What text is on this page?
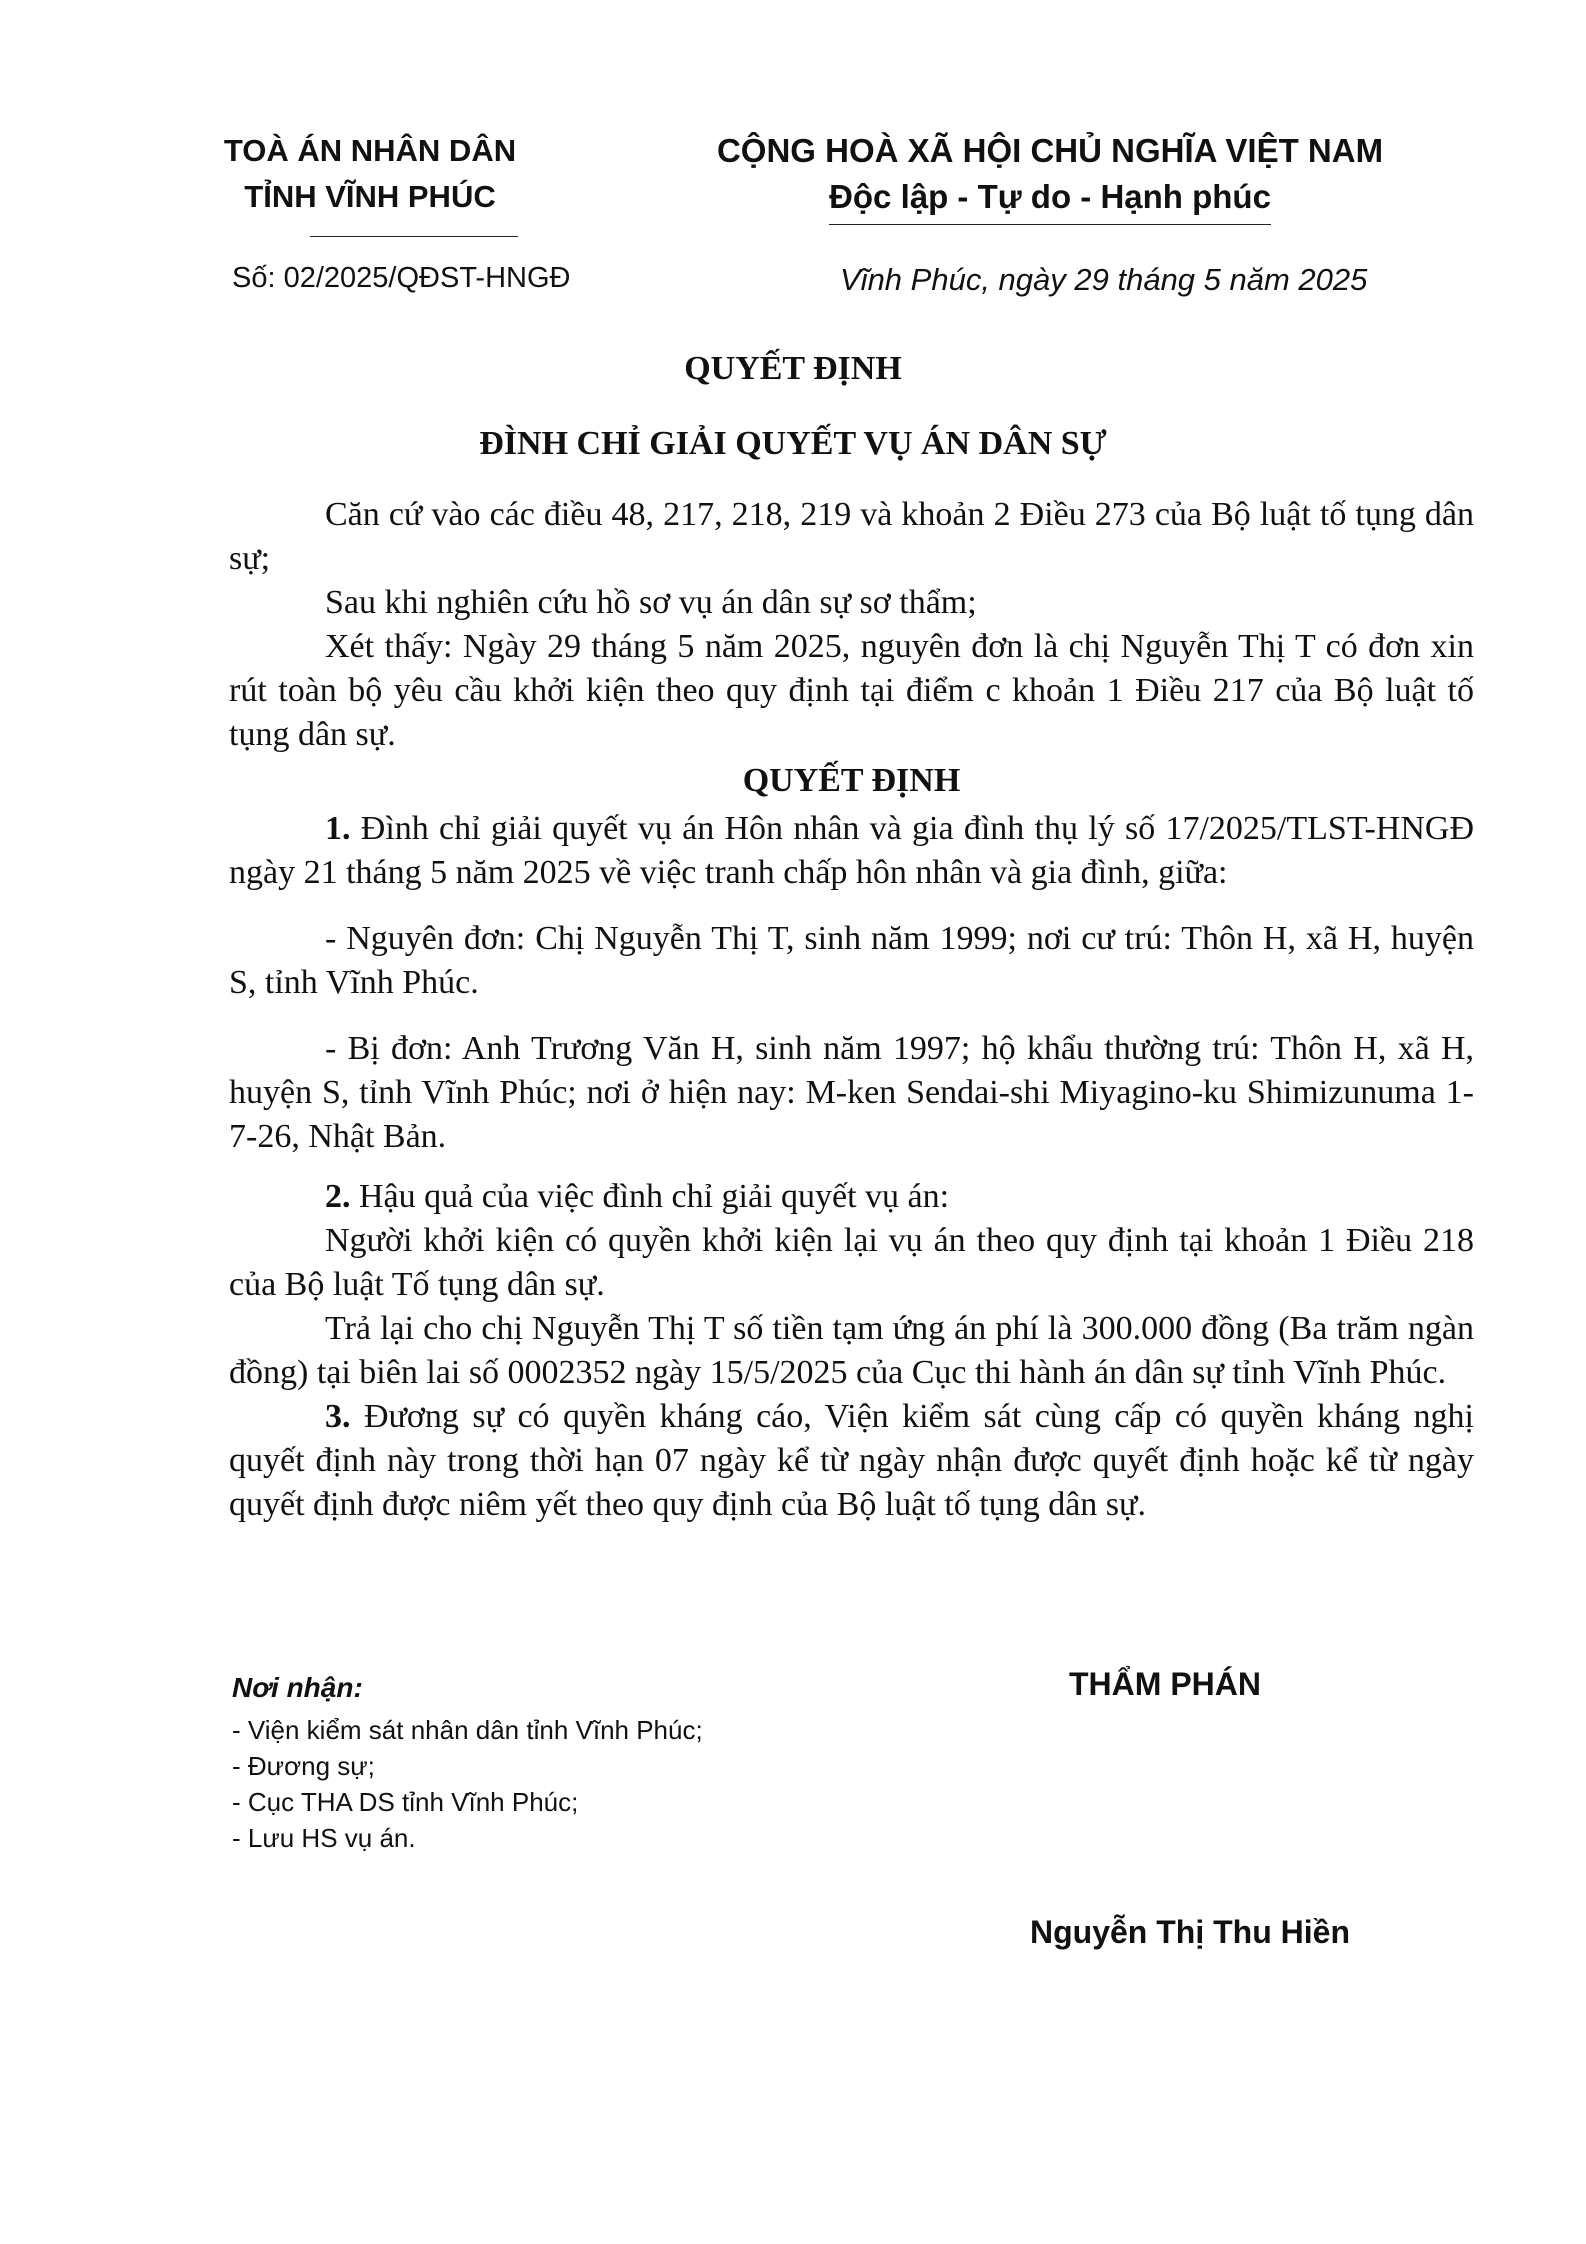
TOÀ ÁN NHÂN DÂN
TỈNH VĨNH PHÚC
CỘNG HOÀ XÃ HỘI CHỦ NGHĨA VIỆT NAM
Độc lập - Tự do - Hạnh phúc
Số: 02/2025/QĐST-HNGĐ	Vĩnh Phúc, ngày 29 tháng 5 năm 2025
QUYẾT ĐỊNH
ĐÌNH CHỈ GIẢI QUYẾT VỤ ÁN DÂN SỰ

Căn cứ vào các điều 48, 217, 218, 219 và khoản 2 Điều 273 của Bộ luật tố tụng dân sự;

Sau khi nghiên cứu hồ sơ vụ án dân sự sơ thẩm;

Xét thấy: Ngày 29 tháng 5 năm 2025, nguyên đơn là chị Nguyễn Thị T có đơn xin rút toàn bộ yêu cầu khởi kiện theo quy định tại điểm c khoản 1 Điều 217 của Bộ luật tố tụng dân sự.

QUYẾT ĐỊNH

1. Đình chỉ giải quyết vụ án Hôn nhân và gia đình thụ lý số 17/2025/TLST-HNGĐ ngày 21 tháng 5 năm 2025 về việc tranh chấp hôn nhân và gia đình, giữa:

- Nguyên đơn: Chị Nguyễn Thị T, sinh năm 1999; nơi cư trú: Thôn H, xã H, huyện S, tỉnh Vĩnh Phúc.

- Bị đơn: Anh Trương Văn H, sinh năm 1997; hộ khẩu thường trú: Thôn H, xã H, huyện S, tỉnh Vĩnh Phúc; nơi ở hiện nay: M-ken Sendai-shi Miyagino-ku Shimizunuma 1-7-26, Nhật Bản.

2. Hậu quả của việc đình chỉ giải quyết vụ án:

Người khởi kiện có quyền khởi kiện lại vụ án theo quy định tại khoản 1 Điều 218 của Bộ luật Tố tụng dân sự.

Trả lại cho chị Nguyễn Thị T số tiền tạm ứng án phí là 300.000 đồng (Ba trăm ngàn đồng) tại biên lai số 0002352 ngày 15/5/2025 của Cục thi hành án dân sự tỉnh Vĩnh Phúc.

3. Đương sự có quyền kháng cáo, Viện kiểm sát cùng cấp có quyền kháng nghị quyết định này trong thời hạn 07 ngày kể từ ngày nhận được quyết định hoặc kể từ ngày quyết định được niêm yết theo quy định của Bộ luật tố tụng dân sự.

Nơi nhận:
- Viện kiểm sát nhân dân tỉnh Vĩnh Phúc;
- Đương sự;
- Cục THA DS tỉnh Vĩnh Phúc;
- Lưu HS vụ án.
THẨM PHÁN
Nguyễn Thị Thu Hiền
